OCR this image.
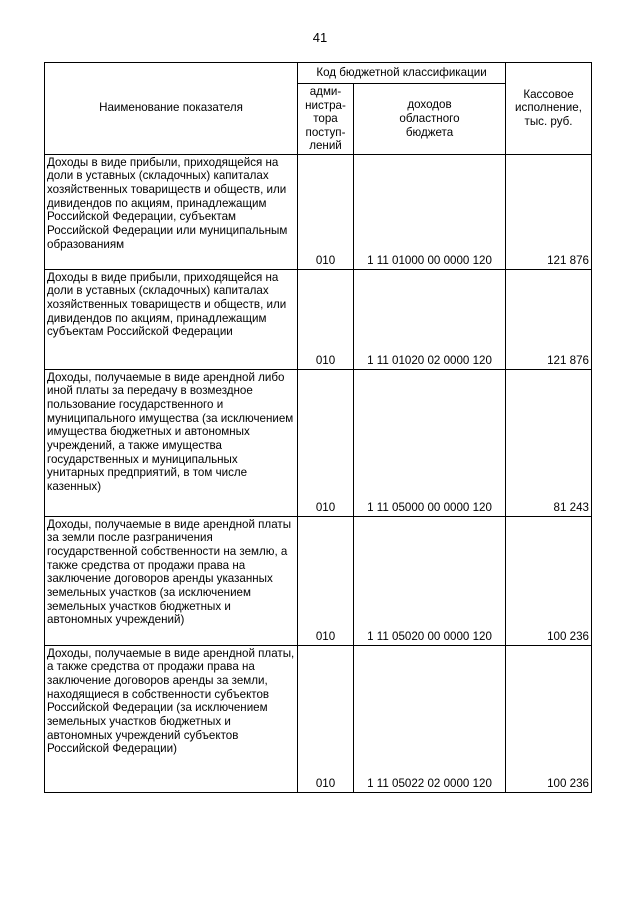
41
Наименование показателя	Код бюджетной классификации		Кассовое
исполнение,
тыс. руб.

	адми-
нистра-
тора
поступ-
лений	доходов
областного
бюджета	

Доходы в виде прибыли, приходящейся на доли в уставных (складочных) капиталах хозяйственных товариществ и обществ, или дивидендов по акциям, принадлежащим Российской Федерации, субъектам Российской Федерации или муниципальным образованиям	010	1 11 01000 00 0000 120	121 876

Доходы в виде прибыли, приходящейся на доли в уставных (складочных) капиталах хозяйственных товариществ и обществ, или дивидендов по акциям, принадлежащим субъектам Российской Федерации	010	1 11 01020 02 0000 120	121 876

Доходы, получаемые в виде арендной либо иной платы за передачу в возмездное пользование государственного и муниципального имущества (за исключением имущества бюджетных и автономных учреждений, а также имущества государственных и муниципальных унитарных предприятий, в том числе казенных)	010	1 11 05000 00 0000 120	81 243

Доходы, получаемые в виде арендной платы за земли после разграничения государственной собственности на землю, а также средства от продажи права на заключение договоров аренды указанных земельных участков (за исключением земельных участков бюджетных и автономных учреждений)	010	1 11 05020 00 0000 120	100 236

Доходы, получаемые в виде арендной платы, а также средства от продажи права на заключение договоров аренды за земли, находящиеся в собственности субъектов Российской Федерации (за исключением земельных участков бюджетных и автономных учреждений субъектов Российской Федерации)	010	1 11 05022 02 0000 120	100 236
